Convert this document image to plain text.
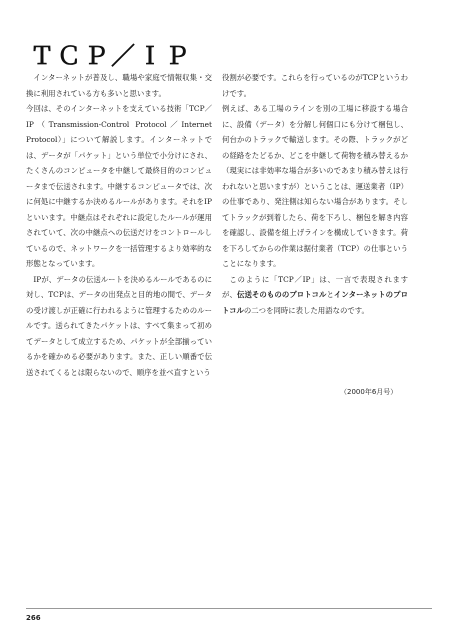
ＴＣＰ／ＩＰ

インターネットが普及し、職場や家庭で情報収集・交換に利用されている方も多いと思います。

今回は、そのインターネットを支えている技術「TCP／IP（Transmission-Control Protocol／Internet Protocol）」について解説します。インターネットでは、データが「パケット」という単位で小分けにされ、たくさんのコンピュータを中継して最終目的のコンピュータまで伝送されます。中継するコンピュータでは、次に何処に中継するか決めるルールがあります。それをIPといいます。中継点はそれぞれに設定したルールが運用されていて、次の中継点への伝送だけをコントロールしているので、ネットワークを一括管理するより効率的な形態となっています。

IPが、データの伝送ルートを決めるルールであるのに対し、TCPは、データの出発点と目的地の間で、データの受け渡しが正確に行われるように管理するためのルールです。送られてきたパケットは、すべて集まって初めてデータとして成立するため、パケットが全部揃っているかを確かめる必要があります。また、正しい順番で伝送されてくるとは限らないので、順序を並べ直すという

役割が必要です。これらを行っているのがTCPというわけです。

例えば、ある工場のラインを別の工場に移設する場合に、設備（データ）を分解し何個口にも分けて梱包し、何台かのトラックで輸送します。その際、トラックがどの経路をたどるか、どこを中継して荷物を積み替えるか（現実には非効率な場合が多いのであまり積み替えは行われないと思いますが）ということは、運送業者（IP）の仕事であり、発注側は知らない場合があります。そしてトラックが到着したら、荷を下ろし、梱包を解き内容を確認し、設備を組上げラインを構成していきます。荷を下ろしてからの作業は据付業者（TCP）の仕事ということになります。

このように「TCP／IP」は、一言で表現されますが、伝送そのもののプロトコルとインターネットのプロトコルの二つを同時に表した用語なのです。

（2000年6月号）
266
